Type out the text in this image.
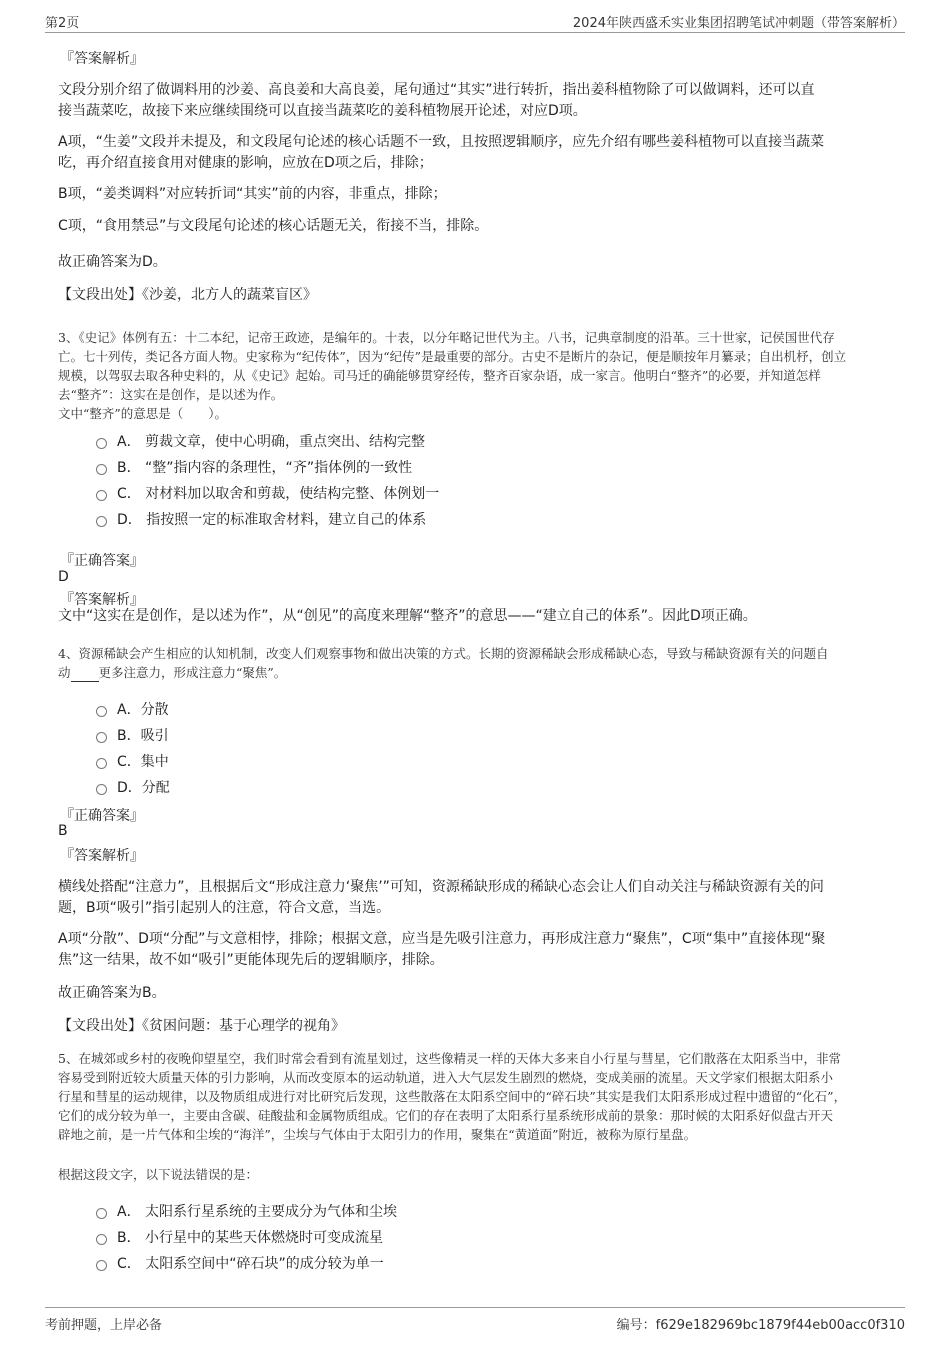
第2页	2024年陕西盛禾实业集团招聘笔试冲刺题（带答案解析）
『答案解析』
文段分别介绍了做调料用的沙姜、高良姜和大高良姜，尾句通过“其实”进行转折，指出姜科植物除了可以做调料，还可以直
接当蔬菜吃，故接下来应继续围绕可以直接当蔬菜吃的姜科植物展开论述，对应D项。
A项，“生姜”文段并未提及，和文段尾句论述的核心话题不一致，且按照逻辑顺序，应先介绍有哪些姜科植物可以直接当蔬菜
吃，再介绍直接食用对健康的影响，应放在D项之后，排除；
B项，“姜类调料”对应转折词“其实”前的内容，非重点，排除；
C项，“食用禁忌”与文段尾句论述的核心话题无关，衔接不当，排除。
故正确答案为D。
【文段出处】《沙姜，北方人的蔬菜盲区》
3、《史记》体例有五：十二本纪，记帝王政迹，是编年的。十表，以分年略记世代为主。八书，记典章制度的沿革。三十世家，记侯国世代存
亡。七十列传，类记各方面人物。史家称为“纪传体”，因为“纪传”是最重要的部分。古史不是断片的杂记，便是顺按年月纂录；自出机杼，创立
规模，以驾驭去取各种史料的，从《史记》起始。司马迁的确能够贯穿经传，整齐百家杂语，成一家言。他明白“整齐”的必要，并知道怎样
去“整齐”：这实在是创作，是以述为作。
文中“整齐”的意思是（　　）。
A． 剪裁文章，使中心明确，重点突出、结构完整
B． “整”指内容的条理性，“齐”指体例的一致性
C． 对材料加以取舍和剪裁，使结构完整、体例划一
D． 指按照一定的标准取舍材料，建立自己的体系
『正确答案』
D
『答案解析』
文中“这实在是创作，是以述为作”，从“创见”的高度来理解“整齐”的意思——“建立自己的体系”。因此D项正确。
4、资源稀缺会产生相应的认知机制，改变人们观察事物和做出决策的方式。长期的资源稀缺会形成稀缺心态，导致与稀缺资源有关的问题自
动 更多注意力，形成注意力“聚焦”。
A．分散
B．吸引
C．集中
D．分配
『正确答案』
B
『答案解析』
横线处搭配“注意力”，且根据后文“形成注意力‘聚焦’”可知，资源稀缺形成的稀缺心态会让人们自动关注与稀缺资源有关的问
题，B项“吸引”指引起别人的注意，符合文意，当选。
A项“分散”、D项“分配”与文意相悖，排除；根据文意，应当是先吸引注意力，再形成注意力“聚焦”，C项“集中”直接体现“聚
焦”这一结果，故不如“吸引”更能体现先后的逻辑顺序，排除。
故正确答案为B。
【文段出处】《贫困问题：基于心理学的视角》
5、在城郊或乡村的夜晚仰望星空，我们时常会看到有流星划过，这些像精灵一样的天体大多来自小行星与彗星，它们散落在太阳系当中，非常
容易受到附近较大质量天体的引力影响，从而改变原本的运动轨道，进入大气层发生剧烈的燃烧，变成美丽的流星。天文学家们根据太阳系小
行星和彗星的运动规律，以及物质组成进行对比研究后发现，这些散落在太阳系空间中的“碎石块”其实是我们太阳系形成过程中遗留的“化石”，
它们的成分较为单一，主要由含碳、硅酸盐和金属物质组成。它们的存在表明了太阳系行星系统形成前的景象：那时候的太阳系好似盘古开天
辟地之前，是一片气体和尘埃的“海洋”，尘埃与气体由于太阳引力的作用，聚集在“黄道面”附近，被称为原行星盘。
根据这段文字，以下说法错误的是：
A． 太阳系行星系统的主要成分为气体和尘埃
B． 小行星中的某些天体燃烧时可变成流星
C． 太阳系空间中“碎石块”的成分较为单一
考前押题，上岸必备	编号：f629e182969bc1879f44eb00acc0f310
